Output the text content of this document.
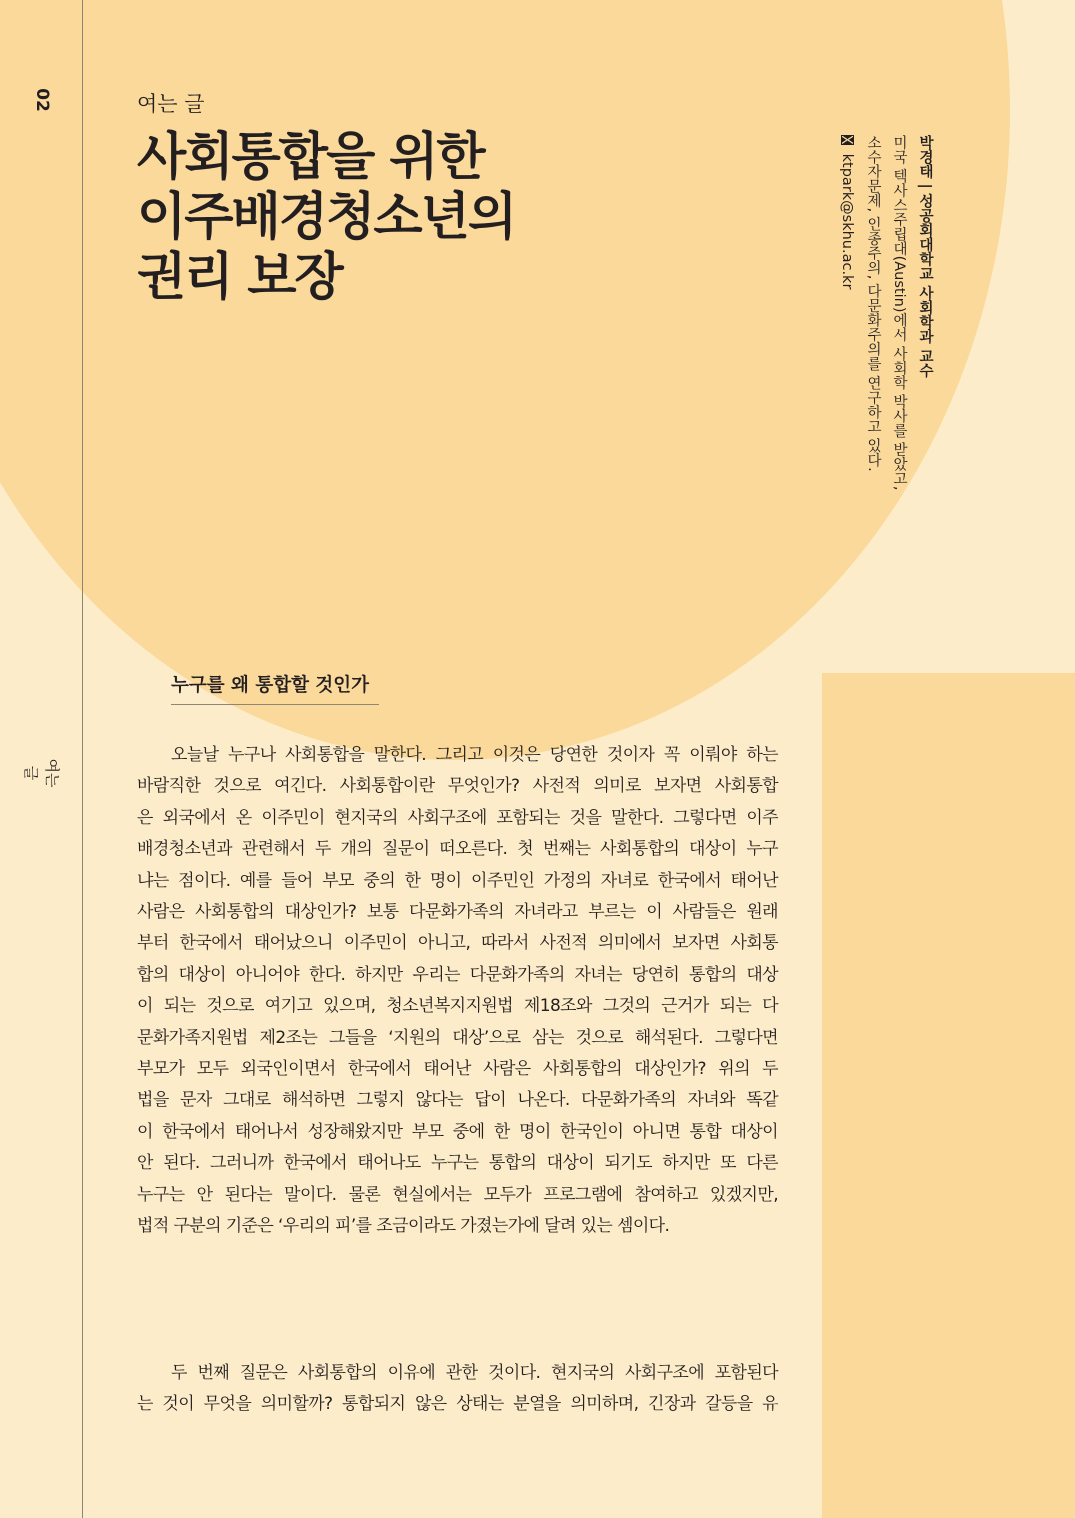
02
여는 글
여는 글
사회통합을 위한
이주배경청소년의
권리 보장	박경태 | 성공회대학교 사회학과 교수
미국 텍사스주립대(Austin)에서 사회학 박사를 받았고,
소수자문제, 인종주의, 다문화주의를 연구하고 있다.
ktpark@skhu.ac.kr
누구를 왜 통합할 것인가

오늘날 누구나 사회통합을 말한다. 그리고 이것은 당연한 것이자 꼭 이뤄야 하는
바람직한 것으로 여긴다. 사회통합이란 무엇인가? 사전적 의미로 보자면 사회통합
은 외국에서 온 이주민이 현지국의 사회구조에 포함되는 것을 말한다. 그렇다면 이주
배경청소년과 관련해서 두 개의 질문이 떠오른다. 첫 번째는 사회통합의 대상이 누구
냐는 점이다. 예를 들어 부모 중의 한 명이 이주민인 가정의 자녀로 한국에서 태어난
사람은 사회통합의 대상인가? 보통 다문화가족의 자녀라고 부르는 이 사람들은 원래
부터 한국에서 태어났으니 이주민이 아니고, 따라서 사전적 의미에서 보자면 사회통
합의 대상이 아니어야 한다. 하지만 우리는 다문화가족의 자녀는 당연히 통합의 대상
이 되는 것으로 여기고 있으며, 청소년복지지원법 제18조와 그것의 근거가 되는 다
문화가족지원법 제2조는 그들을 ‘지원의 대상’으로 삼는 것으로 해석된다. 그렇다면
부모가 모두 외국인이면서 한국에서 태어난 사람은 사회통합의 대상인가? 위의 두
법을 문자 그대로 해석하면 그렇지 않다는 답이 나온다. 다문화가족의 자녀와 똑같
이 한국에서 태어나서 성장해왔지만 부모 중에 한 명이 한국인이 아니면 통합 대상이
안 된다. 그러니까 한국에서 태어나도 누구는 통합의 대상이 되기도 하지만 또 다른
누구는 안 된다는 말이다. 물론 현실에서는 모두가 프로그램에 참여하고 있겠지만,
법적 구분의 기준은 ‘우리의 피’를 조금이라도 가졌는가에 달려 있는 셈이다.

두 번째 질문은 사회통합의 이유에 관한 것이다. 현지국의 사회구조에 포함된다
는 것이 무엇을 의미할까? 통합되지 않은 상태는 분열을 의미하며, 긴장과 갈등을 유
